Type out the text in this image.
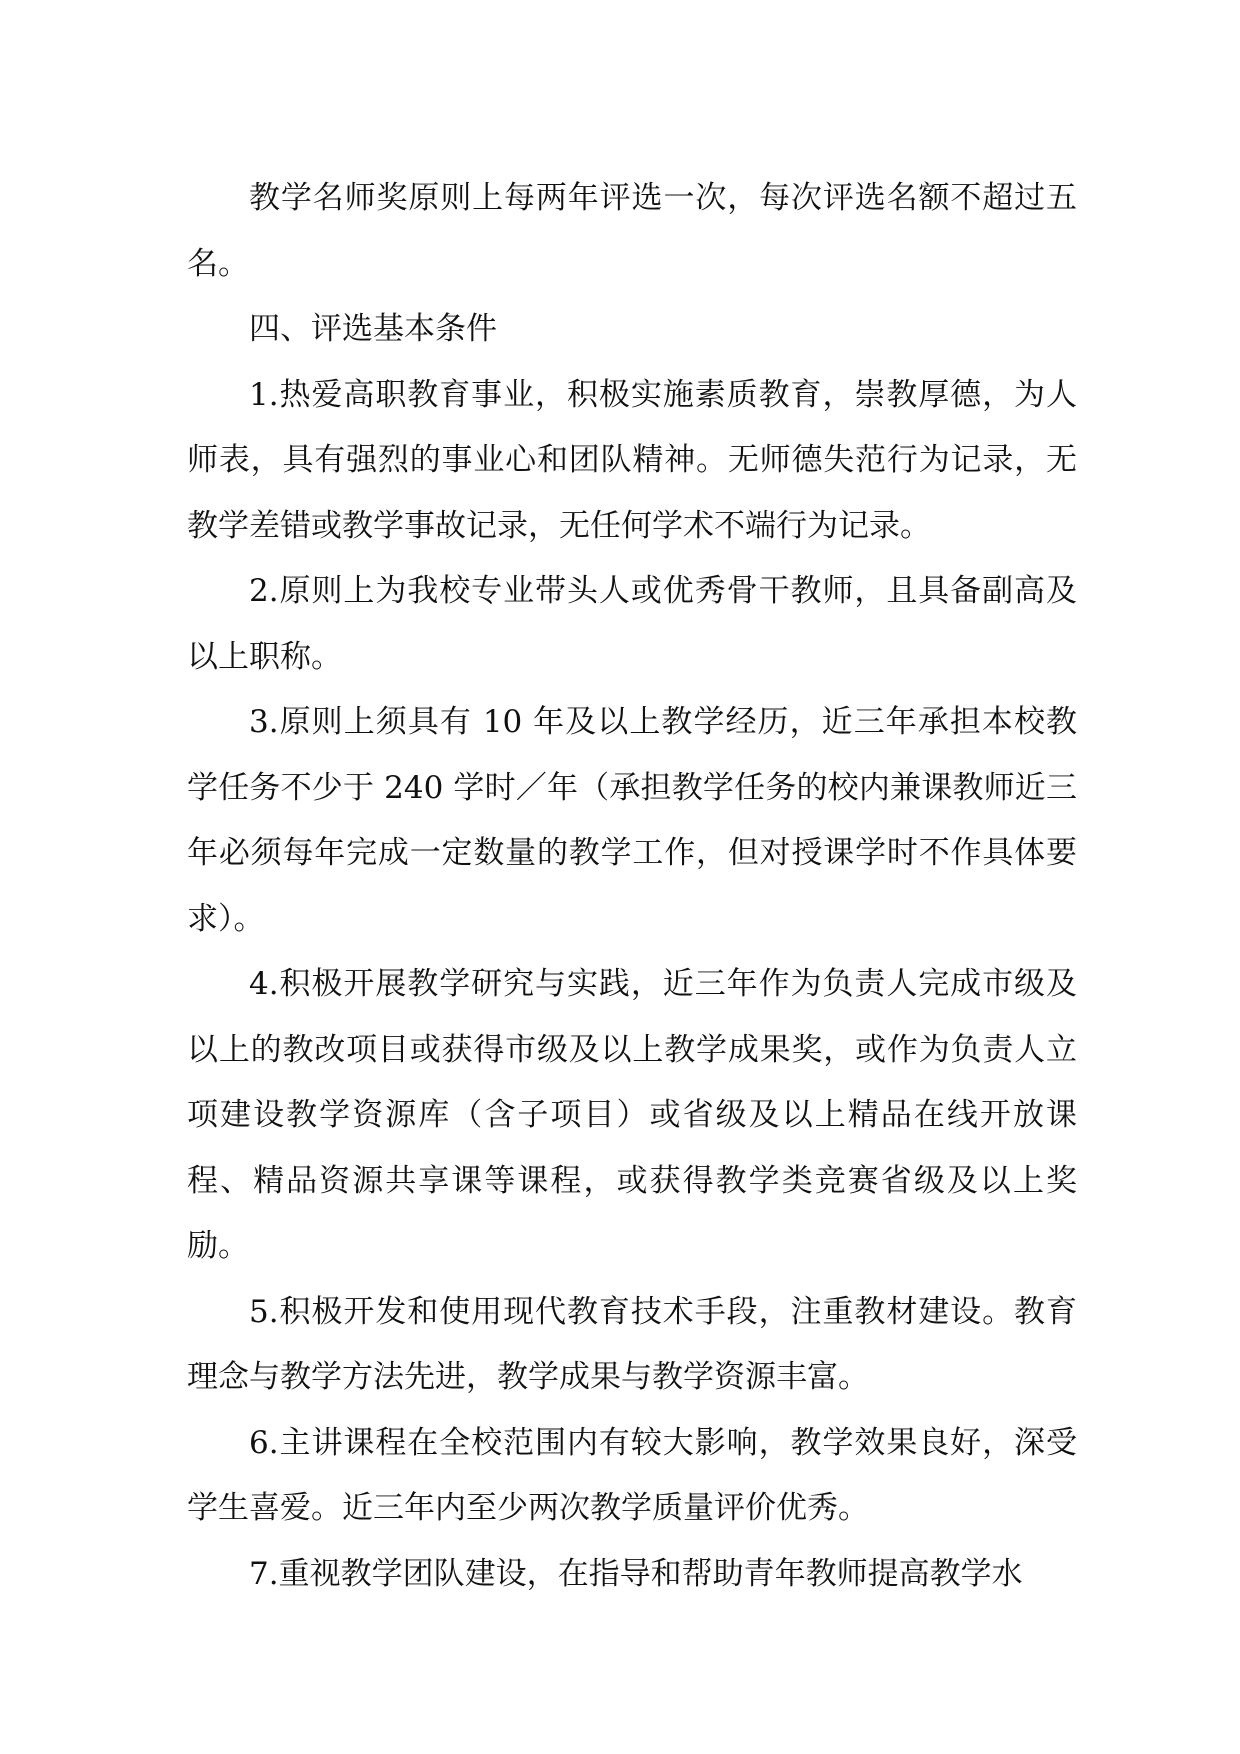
教学名师奖原则上每两年评选一次，每次评选名额不超过五名。

四、评选基本条件

1.热爱高职教育事业，积极实施素质教育，崇教厚德，为人师表，具有强烈的事业心和团队精神。无师德失范行为记录，无教学差错或教学事故记录，无任何学术不端行为记录。

2.原则上为我校专业带头人或优秀骨干教师，且具备副高及以上职称。

3.原则上须具有 10 年及以上教学经历，近三年承担本校教学任务不少于 240 学时／年（承担教学任务的校内兼课教师近三年必须每年完成一定数量的教学工作，但对授课学时不作具体要求）。

4.积极开展教学研究与实践，近三年作为负责人完成市级及以上的教改项目或获得市级及以上教学成果奖，或作为负责人立项建设教学资源库（含子项目）或省级及以上精品在线开放课程、精品资源共享课等课程，或获得教学类竞赛省级及以上奖励。

5.积极开发和使用现代教育技术手段，注重教材建设。教育理念与教学方法先进，教学成果与教学资源丰富。

6.主讲课程在全校范围内有较大影响，教学效果良好，深受学生喜爱。近三年内至少两次教学质量评价优秀。

7.重视教学团队建设，在指导和帮助青年教师提高教学水
